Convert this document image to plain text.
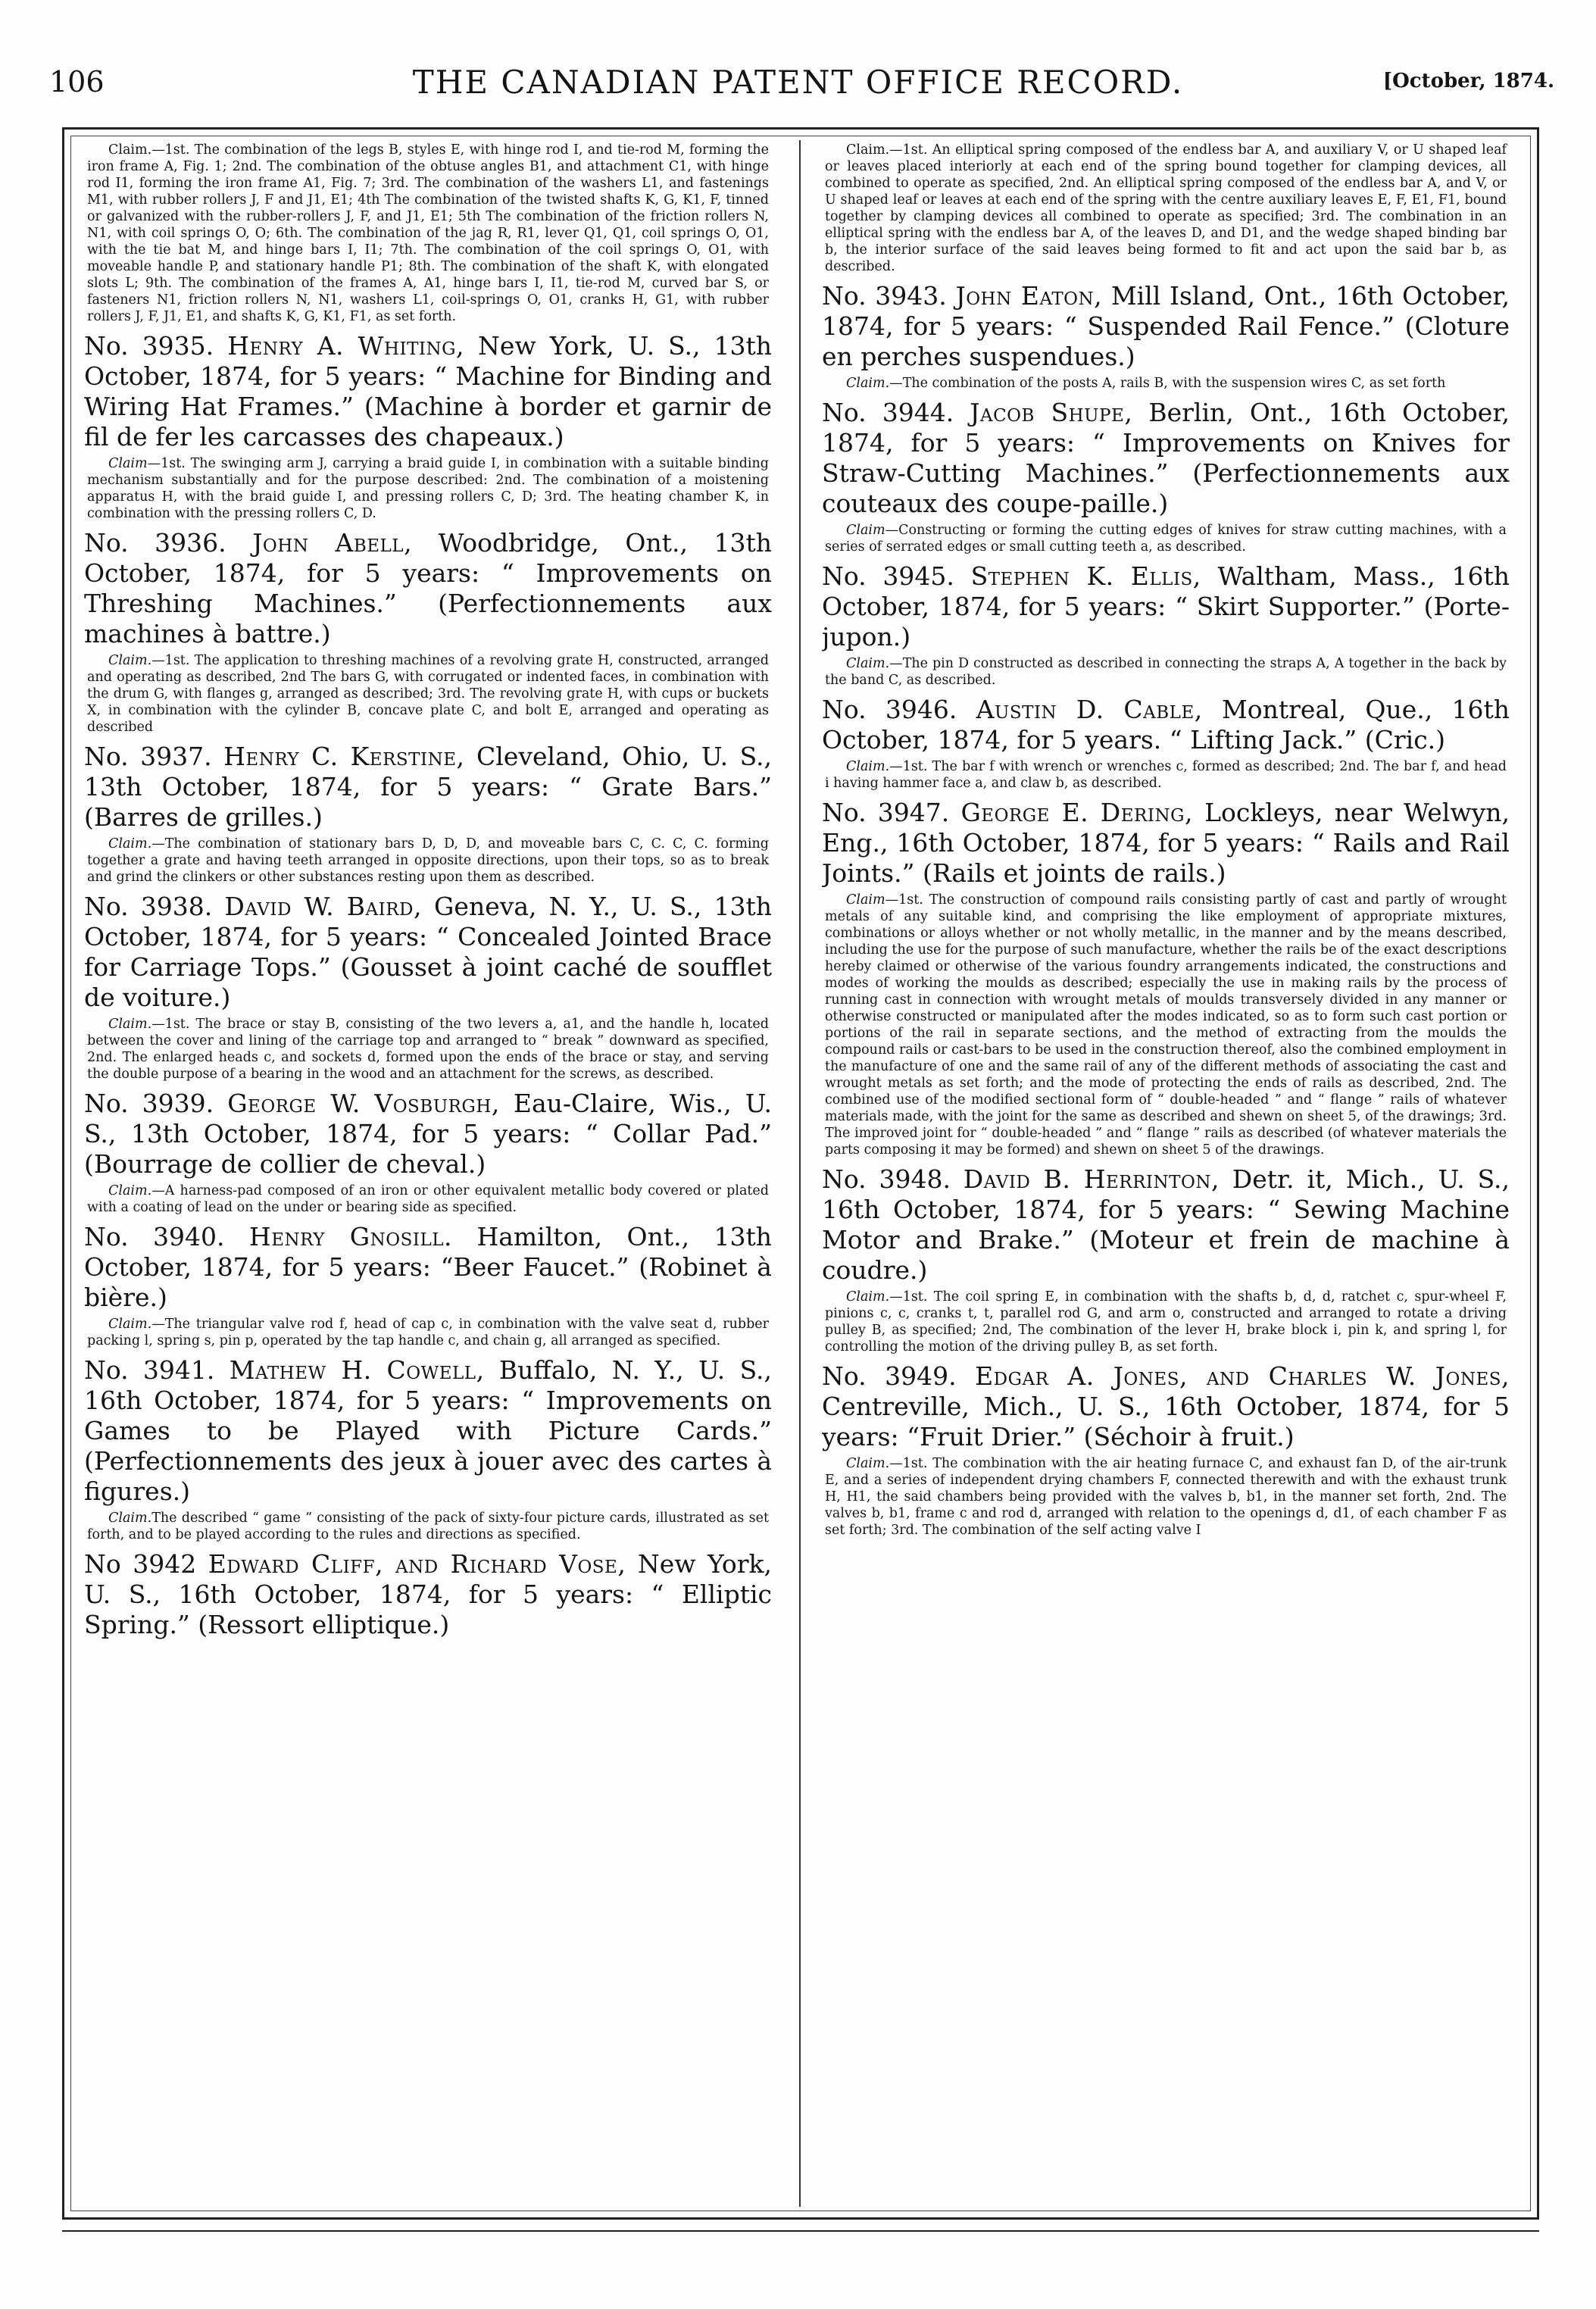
106	THE CANADIAN PATENT OFFICE RECORD.	[October, 1874.

Claim.—1st. The combination of the legs B, styles E, with hinge rod I, and tie-rod M, forming the iron frame A, Fig. 1; 2nd. The combination of the obtuse angles B1, and attachment C1, with hinge rod I1, forming the iron frame A1, Fig. 7; 3rd. The combination of the washers L1, and fastenings M1, with rubber rollers J, F and J1, E1; 4th The combination of the twisted shafts K, G, K1, F, tinned or galvanized with the rubber-rollers J, F, and J1, E1; 5th The combination of the friction rollers N, N1, with coil springs O, O; 6th. The combination of the jag R, R1, lever Q1, Q1, coil springs O, O1, with the tie bat M, and hinge bars I, I1; 7th. The combination of the coil springs O, O1, with moveable handle P, and stationary handle P1; 8th. The combination of the shaft K, with elongated slots L; 9th. The combination of the frames A, A1, hinge bars I, I1, tie-rod M, curved bar S, or fasteners N1, friction rollers N, N1, washers L1, coil-springs O, O1, cranks H, G1, with rubber rollers J, F, J1, E1, and shafts K, G, K1, F1, as set forth.

No. 3935. Henry A. Whiting, New York, U. S., 13th October, 1874, for 5 years: “ Machine for Binding and Wiring Hat Frames.” (Machine à border et garnir de fil de fer les carcasses des chapeaux.)

Claim—1st. The swinging arm J, carrying a braid guide I, in combination with a suitable binding mechanism substantially and for the purpose described: 2nd. The combination of a moistening apparatus H, with the braid guide I, and pressing rollers C, D; 3rd. The heating chamber K, in combination with the pressing rollers C, D.

No. 3936. John Abell, Woodbridge, Ont., 13th October, 1874, for 5 years: “ Improvements on Threshing Machines.” (Perfectionnements aux machines à battre.)

Claim.—1st. The application to threshing machines of a revolving grate H, constructed, arranged and operating as described, 2nd The bars G, with corrugated or indented faces, in combination with the drum G, with flanges g, arranged as described; 3rd. The revolving grate H, with cups or buckets X, in combination with the cylinder B, concave plate C, and bolt E, arranged and operating as described

No. 3937. Henry C. Kerstine, Cleveland, Ohio, U. S., 13th October, 1874, for 5 years: “ Grate Bars.” (Barres de grilles.)

Claim.—The combination of stationary bars D, D, D, and moveable bars C, C. C, C. forming together a grate and having teeth arranged in opposite directions, upon their tops, so as to break and grind the clinkers or other substances resting upon them as described.

No. 3938. David W. Baird, Geneva, N. Y., U. S., 13th October, 1874, for 5 years: “ Concealed Jointed Brace for Carriage Tops.” (Gousset à joint caché de soufflet de voiture.)

Claim.—1st. The brace or stay B, consisting of the two levers a, a1, and the handle h, located between the cover and lining of the carriage top and arranged to “ break ” downward as specified, 2nd. The enlarged heads c, and sockets d, formed upon the ends of the brace or stay, and serving the double purpose of a bearing in the wood and an attachment for the screws, as described.

No. 3939. George W. Vosburgh, Eau-Claire, Wis., U. S., 13th October, 1874, for 5 years: “ Collar Pad.” (Bourrage de collier de cheval.)

Claim.—A harness-pad composed of an iron or other equivalent metallic body covered or plated with a coating of lead on the under or bearing side as specified.

No. 3940. Henry Gnosill. Hamilton, Ont., 13th October, 1874, for 5 years: “Beer Faucet.” (Robinet à bière.)

Claim.—The triangular valve rod f, head of cap c, in combination with the valve seat d, rubber packing l, spring s, pin p, operated by the tap handle c, and chain g, all arranged as specified.

No. 3941. Mathew H. Cowell, Buffalo, N. Y., U. S., 16th October, 1874, for 5 years: “ Improvements on Games to be Played with Picture Cards.” (Perfectionnements des jeux à jouer avec des cartes à figures.)

Claim.The described “ game ” consisting of the pack of sixty-four picture cards, illustrated as set forth, and to be played according to the rules and directions as specified.

No 3942 Edward Cliff, and Richard Vose, New York, U. S., 16th October, 1874, for 5 years: “ Elliptic Spring.” (Ressort elliptique.)

Claim.—1st. An elliptical spring composed of the endless bar A, and auxiliary V, or U shaped leaf or leaves placed interiorly at each end of the spring bound together for clamping devices, all combined to operate as specified, 2nd. An elliptical spring composed of the endless bar A, and V, or U shaped leaf or leaves at each end of the spring with the centre auxiliary leaves E, F, E1, F1, bound together by clamping devices all combined to operate as specified; 3rd. The combination in an elliptical spring with the endless bar A, of the leaves D, and D1, and the wedge shaped binding bar b, the interior surface of the said leaves being formed to fit and act upon the said bar b, as described.

No. 3943. John Eaton, Mill Island, Ont., 16th October, 1874, for 5 years: “ Suspended Rail Fence.” (Cloture en perches suspendues.)

Claim.—The combination of the posts A, rails B, with the suspension wires C, as set forth

No. 3944. Jacob Shupe, Berlin, Ont., 16th October, 1874, for 5 years: “ Improvements on Knives for Straw-Cutting Machines.” (Perfectionnements aux couteaux des coupe-paille.)

Claim—Constructing or forming the cutting edges of knives for straw cutting machines, with a series of serrated edges or small cutting teeth a, as described.

No. 3945. Stephen K. Ellis, Waltham, Mass., 16th October, 1874, for 5 years: “ Skirt Supporter.” (Porte-jupon.)

Claim.—The pin D constructed as described in connecting the straps A, A together in the back by the band C, as described.

No. 3946. Austin D. Cable, Montreal, Que., 16th October, 1874, for 5 years. “ Lifting Jack.” (Cric.)

Claim.—1st. The bar f with wrench or wrenches c, formed as described; 2nd. The bar f, and head i having hammer face a, and claw b, as described.

No. 3947. George E. Dering, Lockleys, near Welwyn, Eng., 16th October, 1874, for 5 years: “ Rails and Rail Joints.” (Rails et joints de rails.)

Claim—1st. The construction of compound rails consisting partly of cast and partly of wrought metals of any suitable kind, and comprising the like employment of appropriate mixtures, combinations or alloys whether or not wholly metallic, in the manner and by the means described, including the use for the purpose of such manufacture, whether the rails be of the exact descriptions hereby claimed or otherwise of the various foundry arrangements indicated, the constructions and modes of working the moulds as described; especially the use in making rails by the process of running cast in connection with wrought metals of moulds transversely divided in any manner or otherwise constructed or manipulated after the modes indicated, so as to form such cast portion or portions of the rail in separate sections, and the method of extracting from the moulds the compound rails or cast-bars to be used in the construction thereof, also the combined employment in the manufacture of one and the same rail of any of the different methods of associating the cast and wrought metals as set forth; and the mode of protecting the ends of rails as described, 2nd. The combined use of the modified sectional form of “ double-headed ” and “ flange ” rails of whatever materials made, with the joint for the same as described and shewn on sheet 5, of the drawings; 3rd. The improved joint for “ double-headed ” and “ flange ” rails as described (of whatever materials the parts composing it may be formed) and shewn on sheet 5 of the drawings.

No. 3948. David B. Herrinton, Detr. it, Mich., U. S., 16th October, 1874, for 5 years: “ Sewing Machine Motor and Brake.” (Moteur et frein de machine à coudre.)

Claim.—1st. The coil spring E, in combination with the shafts b, d, d, ratchet c, spur-wheel F, pinions c, c, cranks t, t, parallel rod G, and arm o, constructed and arranged to rotate a driving pulley B, as specified; 2nd, The combination of the lever H, brake block i, pin k, and spring l, for controlling the motion of the driving pulley B, as set forth.

No. 3949. Edgar A. Jones, and Charles W. Jones, Centreville, Mich., U. S., 16th October, 1874, for 5 years: “Fruit Drier.” (Séchoir à fruit.)

Claim.—1st. The combination with the air heating furnace C, and exhaust fan D, of the air-trunk E, and a series of independent drying chambers F, connected therewith and with the exhaust trunk H, H1, the said chambers being provided with the valves b, b1, in the manner set forth, 2nd. The valves b, b1, frame c and rod d, arranged with relation to the openings d, d1, of each chamber F as set forth; 3rd. The combination of the self acting valve I
